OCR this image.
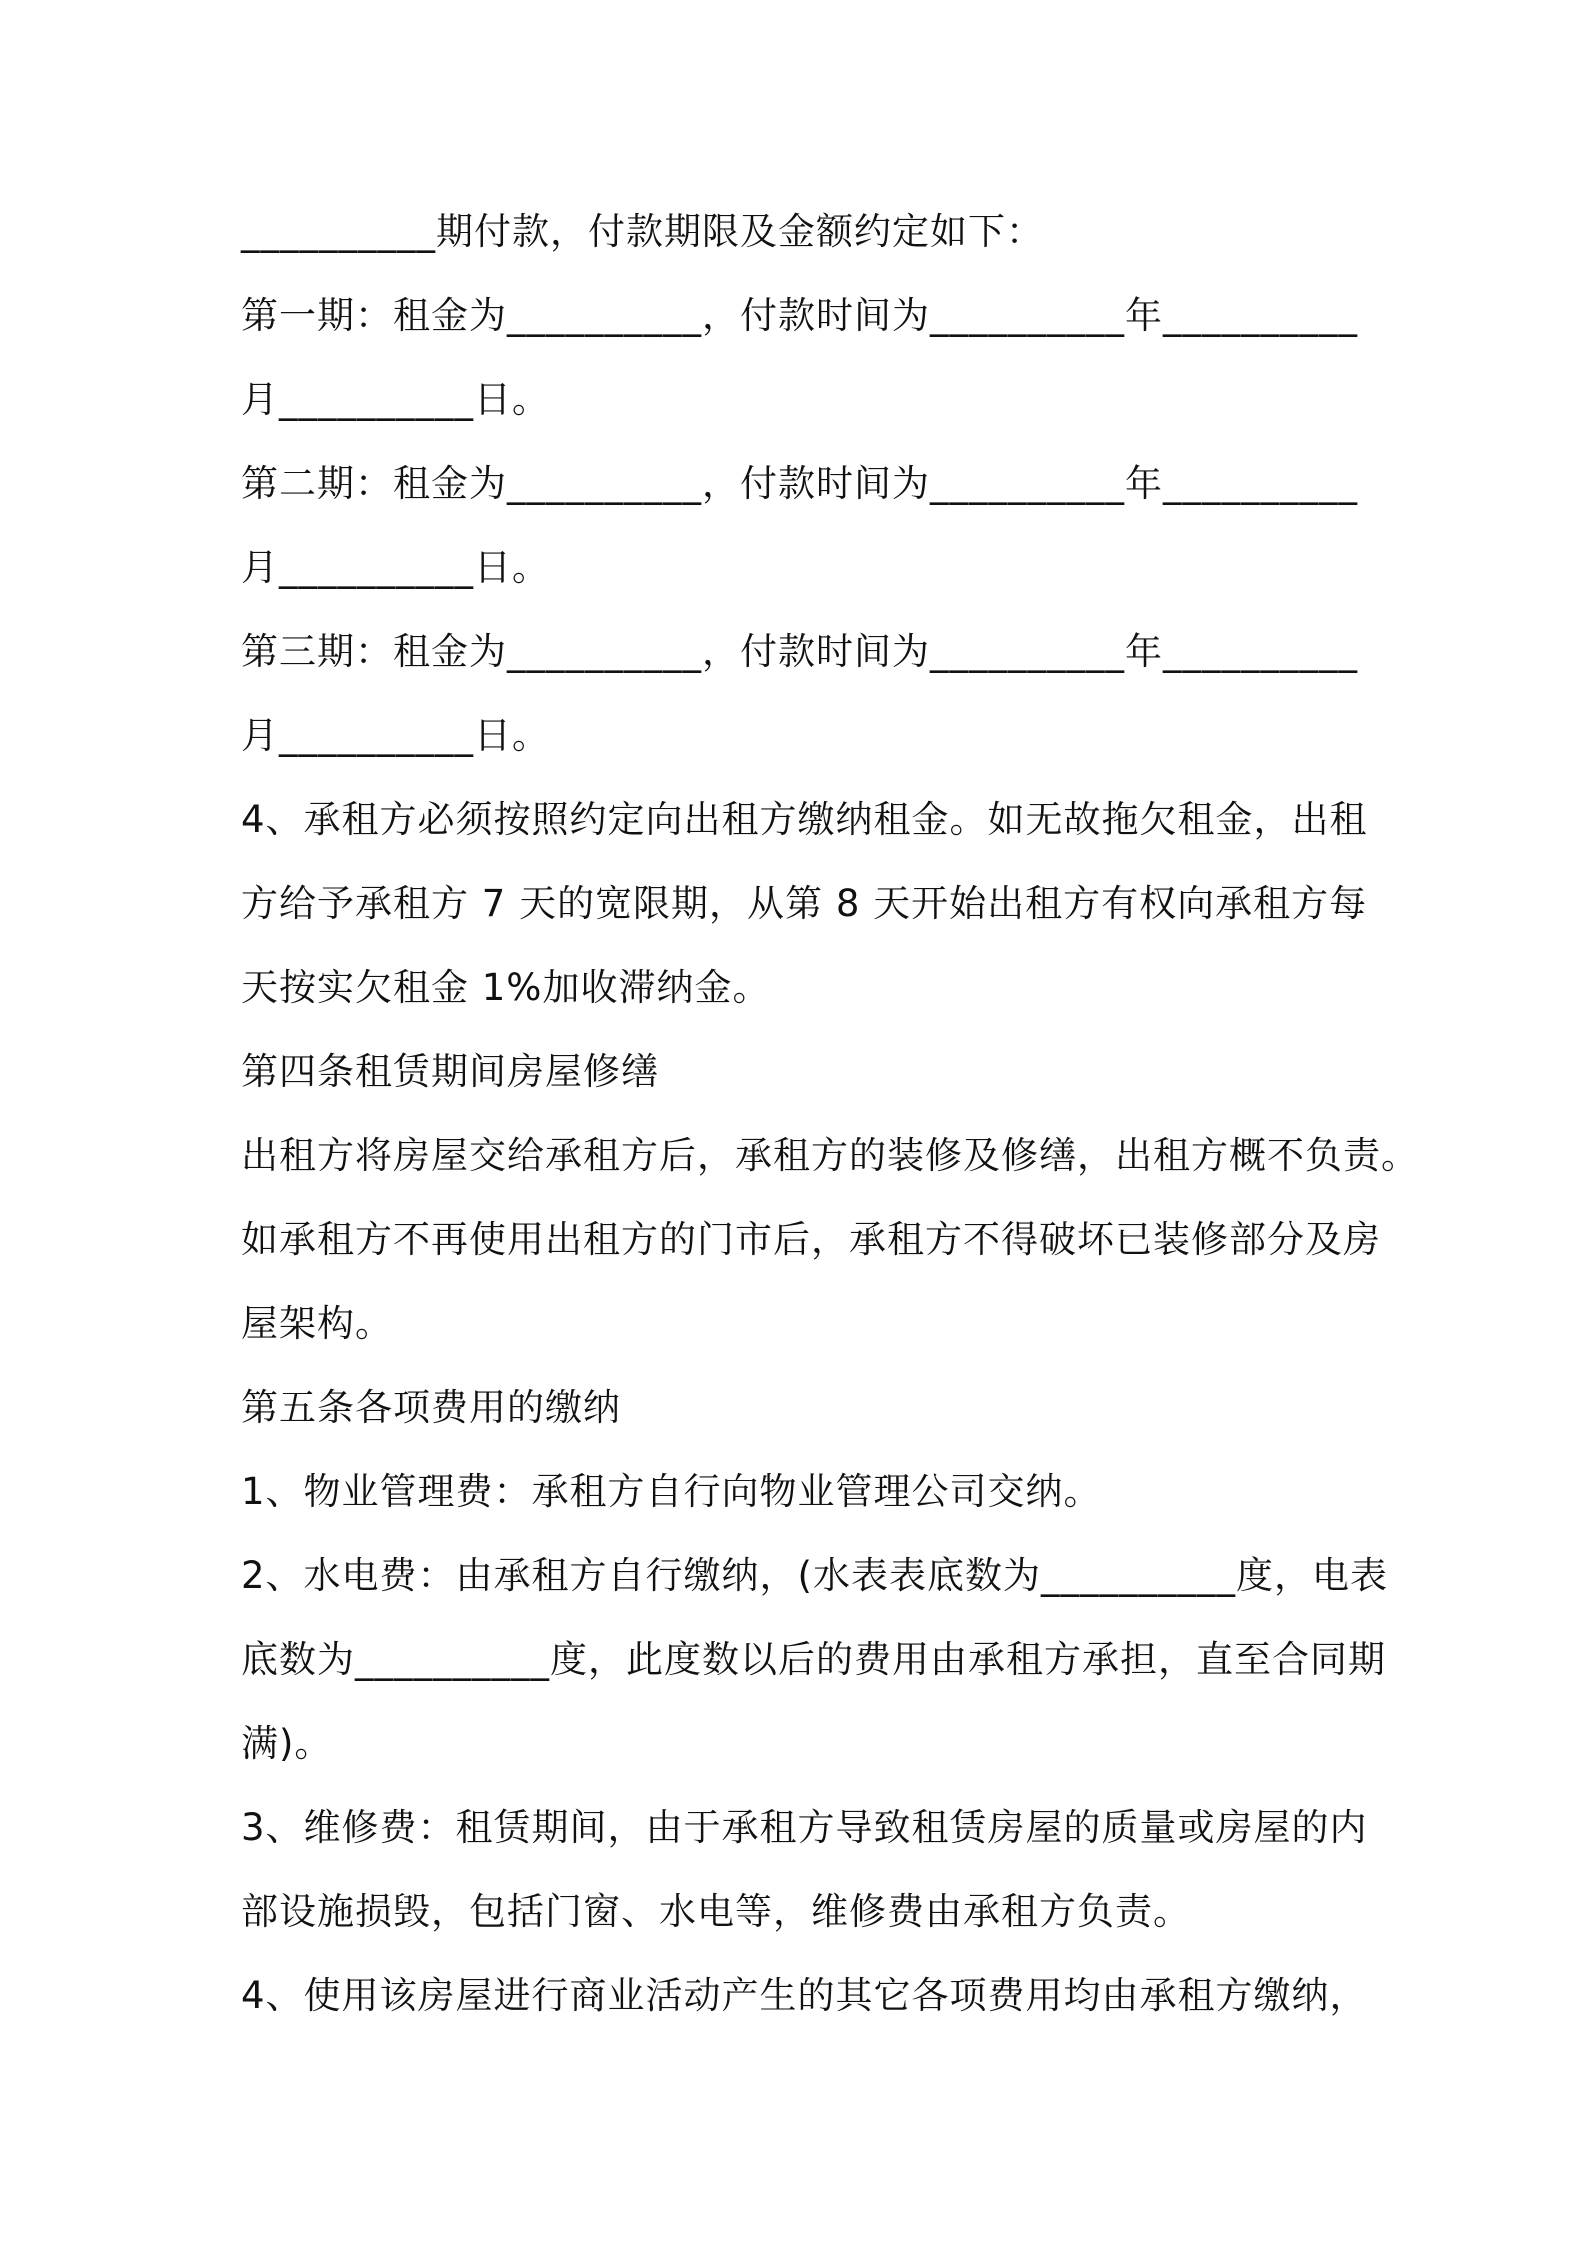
__________期付款，付款期限及金额约定如下：

第一期：租金为__________，付款时间为__________年__________

月__________日。

第二期：租金为__________，付款时间为__________年__________

月__________日。

第三期：租金为__________，付款时间为__________年__________

月__________日。

4、承租方必须按照约定向出租方缴纳租金。如无故拖欠租金，出租

方给予承租方 7 天的宽限期，从第 8 天开始出租方有权向承租方每

天按实欠租金 1%加收滞纳金。

第四条租赁期间房屋修缮

出租方将房屋交给承租方后，承租方的装修及修缮，出租方概不负责。

如承租方不再使用出租方的门市后，承租方不得破坏已装修部分及房

屋架构。

第五条各项费用的缴纳

1、物业管理费：承租方自行向物业管理公司交纳。

2、水电费：由承租方自行缴纳，(水表表底数为__________度，电表

底数为__________度，此度数以后的费用由承租方承担，直至合同期

满)。

3、维修费：租赁期间，由于承租方导致租赁房屋的质量或房屋的内

部设施损毁，包括门窗、水电等，维修费由承租方负责。

4、使用该房屋进行商业活动产生的其它各项费用均由承租方缴纳，
